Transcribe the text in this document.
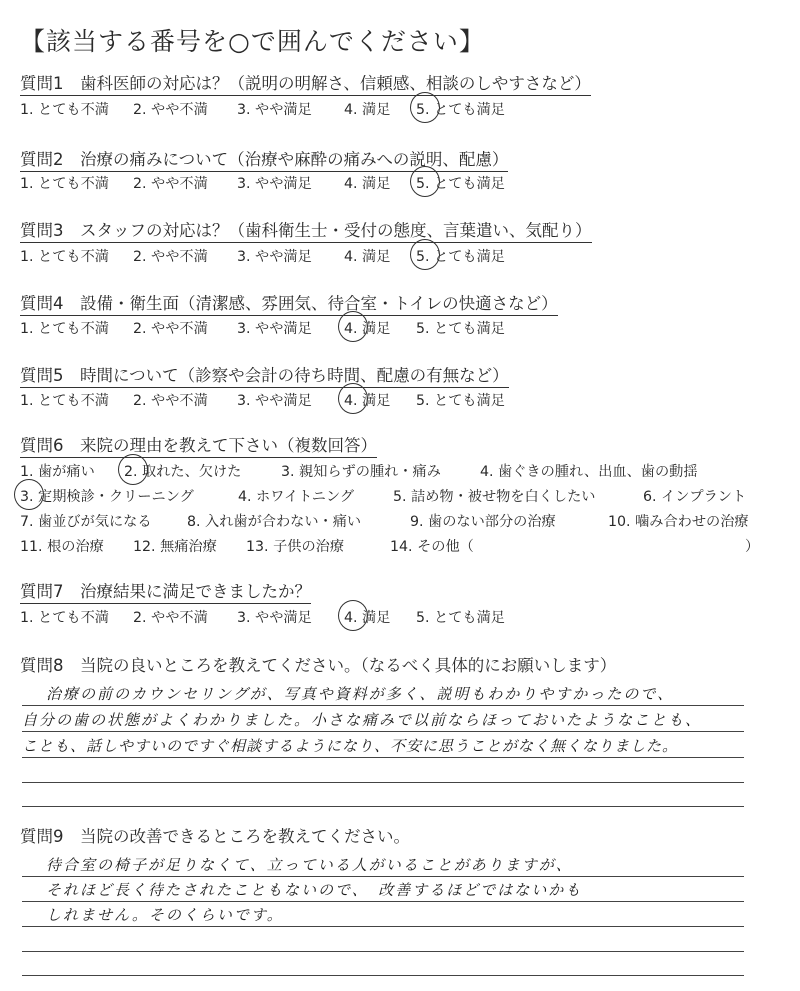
【該当する番号を○で囲んでください】
質問1　歯科医師の対応は？（説明の明解さ、信頼感、相談のしやすさなど）
1. とても不満 2. やや不満 3. やや満足 4. 満足 5. とても満足
質問2　治療の痛みについて（治療や麻酔の痛みへの説明、配慮）
1. とても不満 2. やや不満 3. やや満足 4. 満足 5. とても満足
質問3　スタッフの対応は？（歯科衛生士・受付の態度、言葉遣い、気配り）
1. とても不満 2. やや不満 3. やや満足 4. 満足 5. とても満足
質問4　設備・衛生面（清潔感、雰囲気、待合室・トイレの快適さなど）
1. とても不満 2. やや不満 3. やや満足 4. 満足 5. とても満足
質問5　時間について（診察や会計の待ち時間、配慮の有無など）
1. とても不満 2. やや不満 3. やや満足 4. 満足 5. とても満足
質問6　来院の理由を教えて下さい（複数回答）
1. 歯が痛い 2. 取れた、欠けた	3. 親知らずの腫れ・痛み	4. 歯ぐきの腫れ、出血、歯の動揺
3. 定期検診・クリーニング	4. ホワイトニング	5. 詰め物・被せ物を白くしたい	6. インプラント
7. 歯並びが気になる 8. 入れ歯が合わない・痛い	9. 歯のない部分の治療	10. 噛み合わせの治療
11. 根の治療 12. 無痛治療 13. 子供の治療	14. その他（	）
質問7　治療結果に満足できましたか？
1. とても不満 2. やや不満 3. やや満足 4. 満足 5. とても満足
質問8　当院の良いところを教えてください。（なるべく具体的にお願いします）
治療の前のカウンセリングが、写真や資料が多く、説明もわかりやすかったので、
自分の歯の状態がよくわかりました。小さな痛みで以前ならほっておいたようなことも、
ことも、話しやすいのですぐ相談するようになり、不安に思うことがなく無くなりました。
質問9　当院の改善できるところを教えてください。
待合室の椅子が足りなくて、立っている人がいることがありますが、
それほど長く待たされたこともないので、　改善するほどではないかも
しれません。そのくらいです。
